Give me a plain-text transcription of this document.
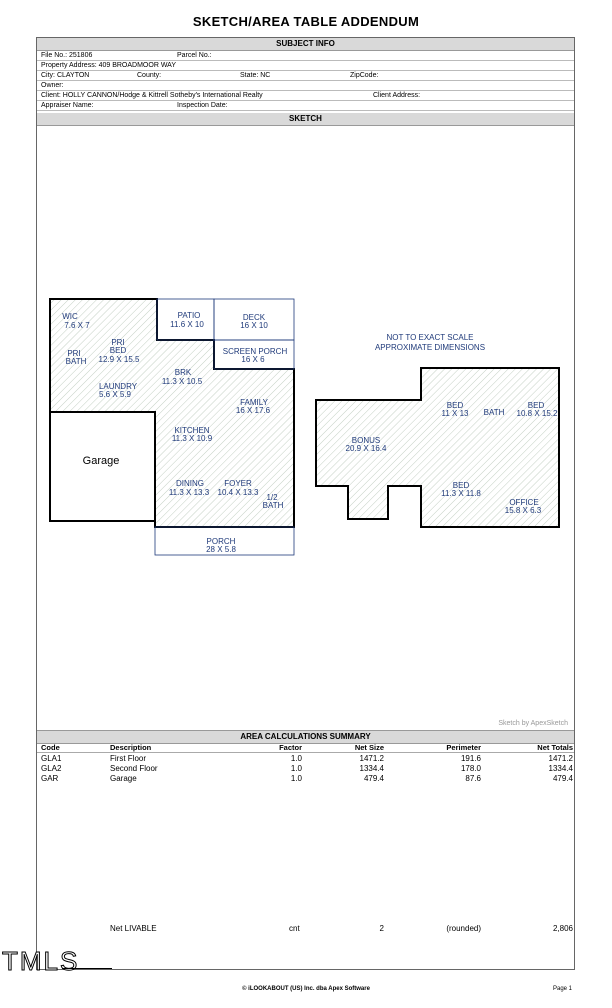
SKETCH/AREA TABLE ADDENDUM
SUBJECT INFO
File No.: 251806	Parcel No.:
Property Address: 409 BROADMOOR WAY
City: CLAYTON	County:	State: NC	ZipCode:
Owner:
Client: HOLLY CANNON/Hodge & Kittrell Sotheby's International Realty	Client Address:
Appraiser Name:	Inspection Date:
SKETCH
WIC 7.6 X 7
PATIO 11.6 X 10
DECK 16 X 10
PRI BATH
PRI BED 12.9 X 15.5
SCREEN PORCH 16 X 6
BRK 11.3 X 10.5
LAUNDRY 5.6 X 5.9
FAMILY 16 X 17.6
KITCHEN 11.3 X 10.9
Garage
DINING 11.3 X 13.3
FOYER 10.4 X 13.3
1/2 BATH
PORCH 28 X 5.8
NOT TO EXACT SCALE APPROXIMATE DIMENSIONS
BED 11 X 13 BATH
BED 10.8 X 15.2
BONUS 20.9 X 16.4
BED 11.3 X 11.8
OFFICE 15.8 X 6.3
Sketch by ApexSketch
AREA CALCULATIONS SUMMARY
Code	Description	Factor	Net Size	Perimeter	Net Totals
GLA1	First Floor	1.0	1471.2	191.6	1471.2
GLA2	Second Floor	1.0	1334.4	178.0	1334.4
GAR	Garage	1.0	479.4	87.6	479.4
Net LIVABLE	cnt	2	(rounded)	2,806
TMLS
© iLOOKABOUT (US) Inc. dba Apex Software	Page 1
